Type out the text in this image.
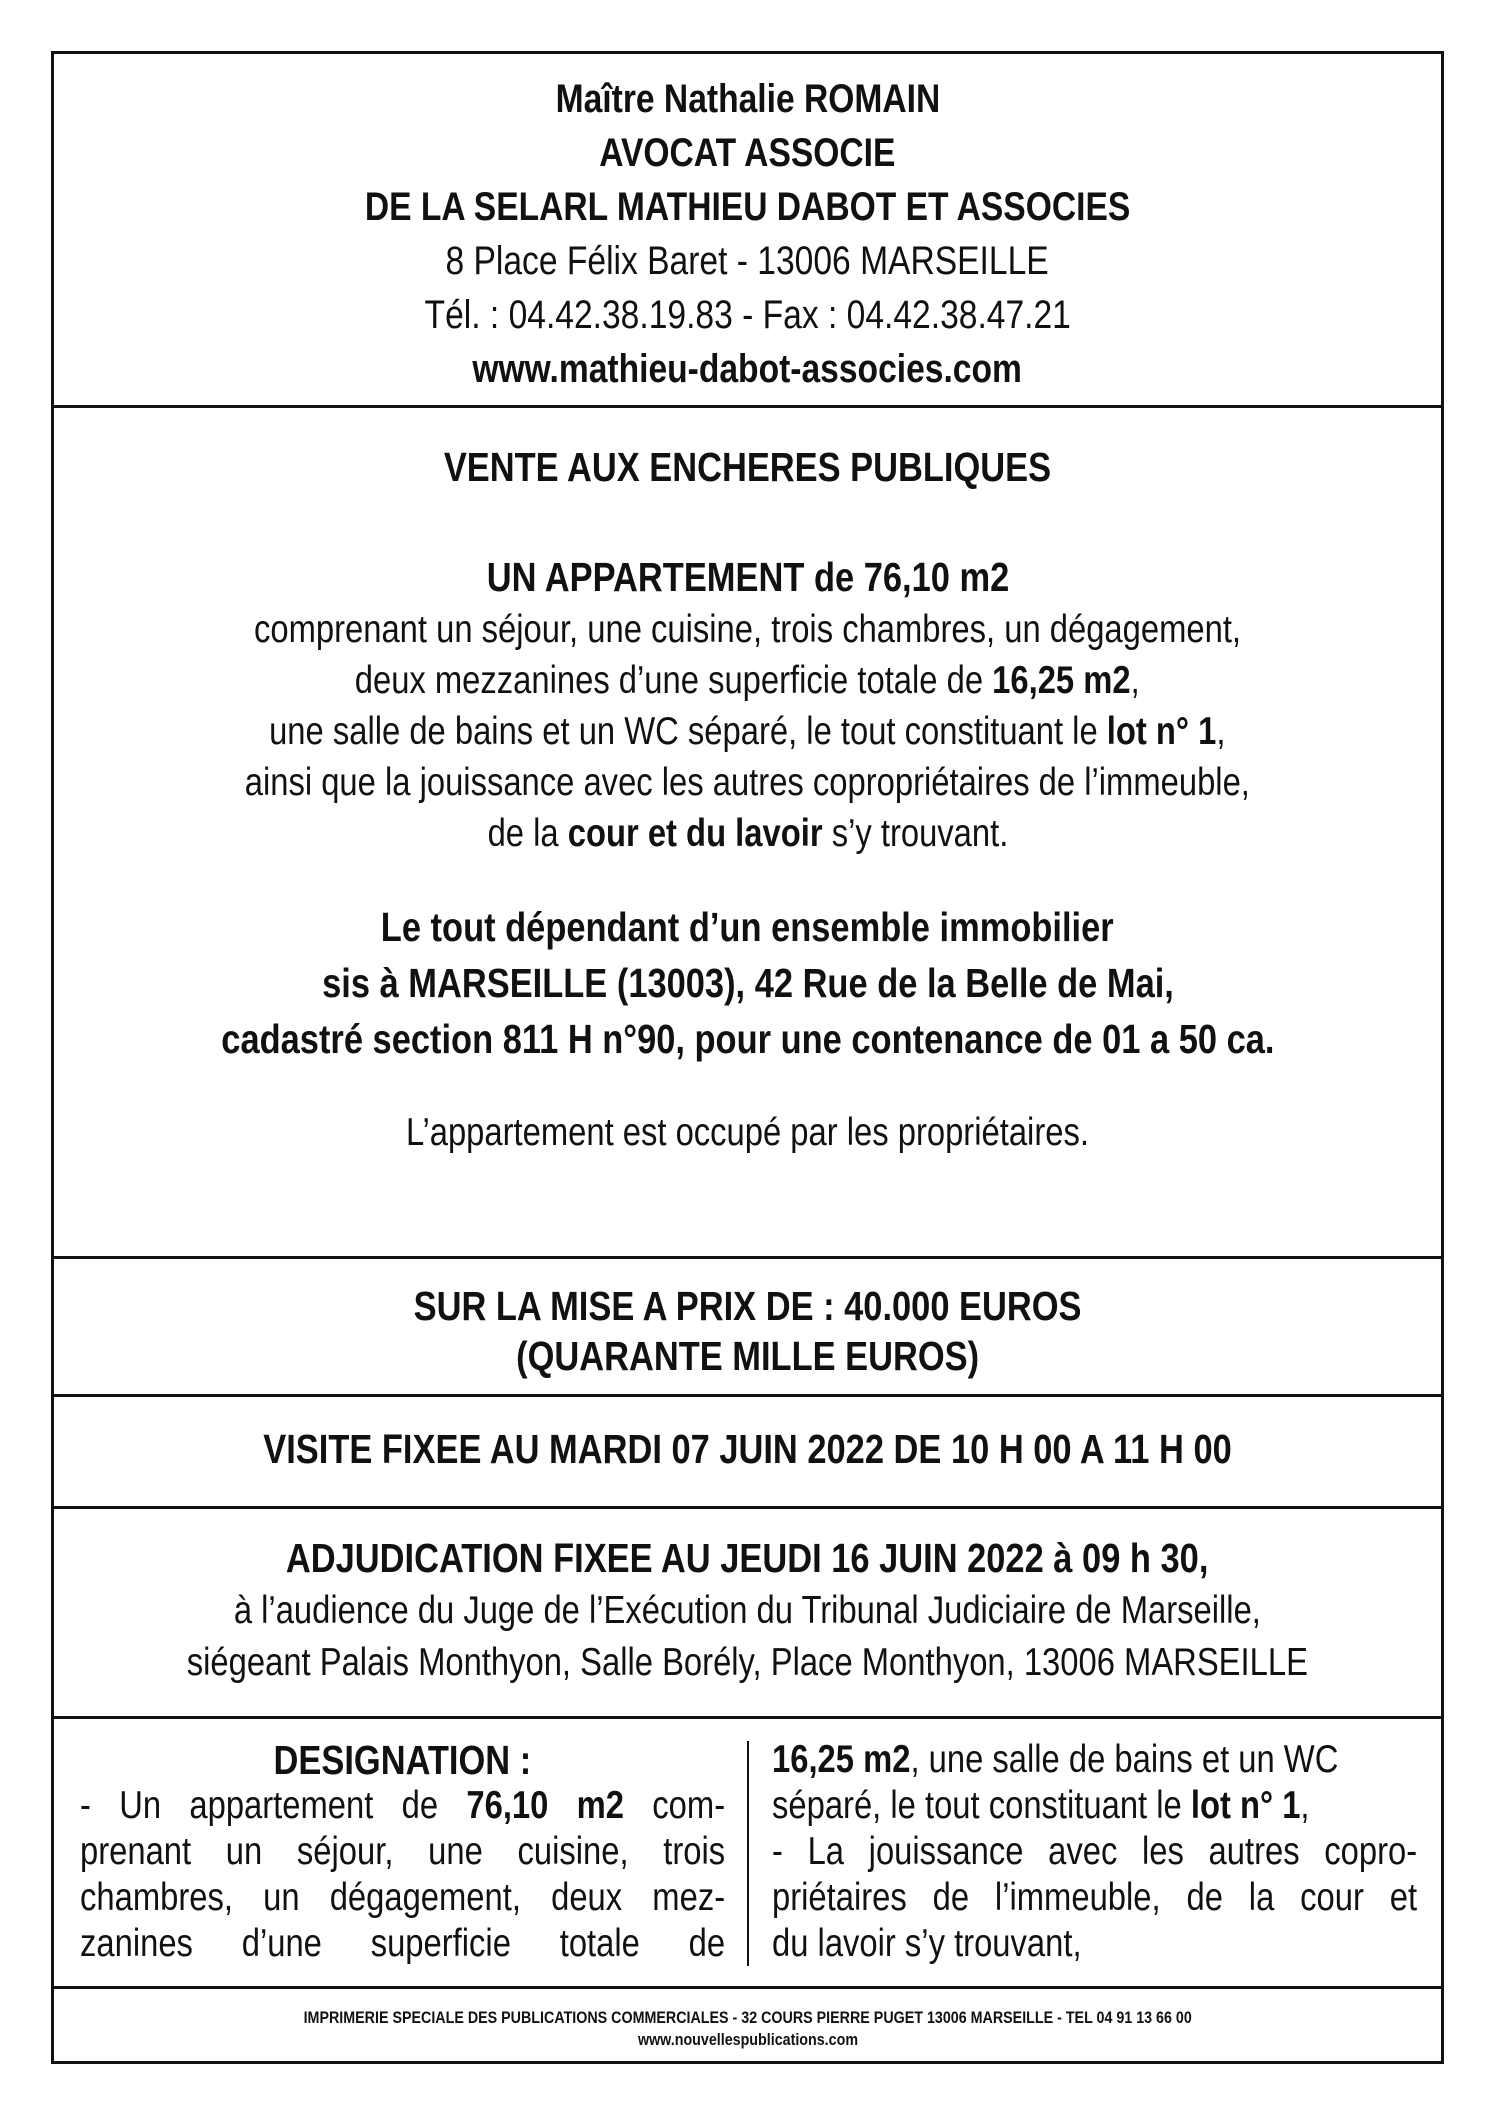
Maître Nathalie ROMAIN
AVOCAT ASSOCIE
DE LA SELARL MATHIEU DABOT ET ASSOCIES
8 Place Félix Baret - 13006 MARSEILLE
Tél. : 04.42.38.19.83 - Fax : 04.42.38.47.21
www.mathieu-dabot-associes.com
VENTE AUX ENCHERES PUBLIQUES
UN APPARTEMENT de 76,10 m2
comprenant un séjour, une cuisine, trois chambres, un dégagement,
deux mezzanines d’une superficie totale de 16,25 m2,
une salle de bains et un WC séparé, le tout constituant le lot n° 1,
ainsi que la jouissance avec les autres copropriétaires de l’immeuble,
de la cour et du lavoir s’y trouvant.
Le tout dépendant d’un ensemble immobilier
sis à MARSEILLE (13003), 42 Rue de la Belle de Mai,
cadastré section 811 H n°90, pour une contenance de 01 a 50 ca.
L’appartement est occupé par les propriétaires.
SUR LA MISE A PRIX DE : 40.000 EUROS
(QUARANTE MILLE EUROS)
VISITE FIXEE AU MARDI 07 JUIN 2022 DE 10 H 00 A 11 H 00
ADJUDICATION FIXEE AU JEUDI 16 JUIN 2022 à 09 h 30,
à l’audience du Juge de l’Exécution du Tribunal Judiciaire de Marseille,
siégeant Palais Monthyon, Salle Borély, Place Monthyon, 13006 MARSEILLE
DESIGNATION :
- Un appartement de 76,10 m2 com-
prenant un séjour, une cuisine, trois
chambres, un dégagement, deux mez-
zanines d’une superficie totale de
16,25 m2, une salle de bains et un WC
séparé, le tout constituant le lot n° 1,
- La jouissance avec les autres copro-
priétaires de l’immeuble, de la cour et
du lavoir s’y trouvant,
IMPRIMERIE SPECIALE DES PUBLICATIONS COMMERCIALES - 32 COURS PIERRE PUGET 13006 MARSEILLE - TEL 04 91 13 66 00
www.nouvellespublications.com
